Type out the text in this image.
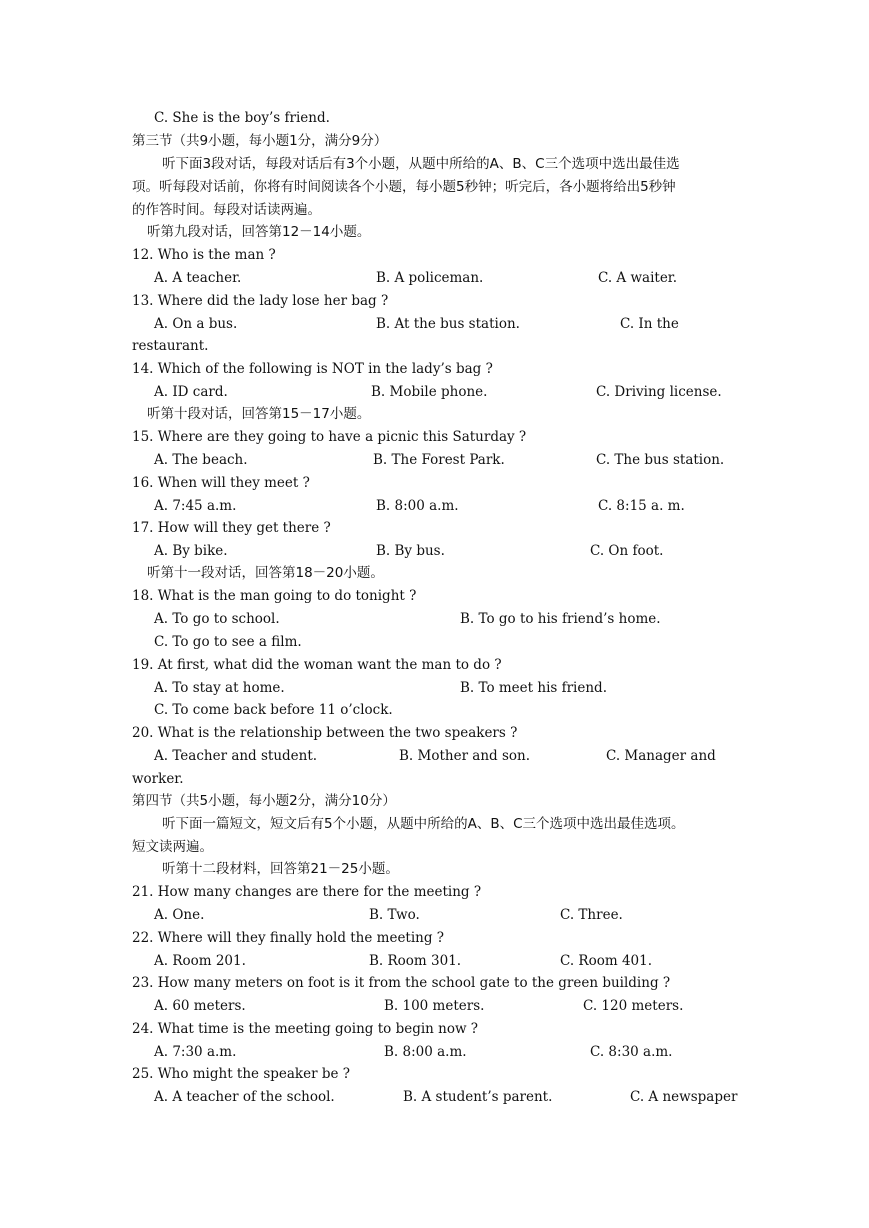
C. She is the boy’s friend.
第三节（共9小题，每小题1分，满分9分）
听下面3段对话，每段对话后有3个小题，从题中所给的A、B、C三个选项中选出最佳选
项。听每段对话前，你将有时间阅读各个小题，每小题5秒钟；听完后，各小题将给出5秒钟
的作答时间。每段对话读两遍。
听第九段对话，回答第12－14小题。
12. Who is the man ?
A. A teacher.	B. A policeman.	C. A waiter.
13. Where did the lady lose her bag ?
A. On a bus.	B. At the bus station.	C. In the
restaurant.
14. Which of the following is NOT in the lady’s bag ?
A. ID card.	B. Mobile phone.	C. Driving license.
听第十段对话，回答第15－17小题。
15. Where are they going to have a picnic this Saturday ?
A. The beach.	B. The Forest Park.	C. The bus station.
16. When will they meet ?
A. 7:45 a.m.	B. 8:00 a.m.	C. 8:15 a. m.
17. How will they get there ?
A. By bike.	B. By bus.	C. On foot.
听第十一段对话，回答第18－20小题。
18. What is the man going to do tonight ?
A. To go to school.	B. To go to his friend’s home.
C. To go to see a film.
19. At first, what did the woman want the man to do ?
A. To stay at home.	B. To meet his friend.
C. To come back before 11 o’clock.
20. What is the relationship between the two speakers ?
A. Teacher and student.	B. Mother and son.	C. Manager and
worker.
第四节（共5小题，每小题2分，满分10分）
听下面一篇短文，短文后有5个小题，从题中所给的A、B、C三个选项中选出最佳选项。
短文读两遍。
听第十二段材料，回答第21－25小题。
21. How many changes are there for the meeting ?
A. One.	B. Two.	C. Three.
22. Where will they finally hold the meeting ?
A. Room 201.	B. Room 301.	C. Room 401.
23. How many meters on foot is it from the school gate to the green building ?
A. 60 meters.	B. 100 meters.	C. 120 meters.
24. What time is the meeting going to begin now ?
A. 7:30 a.m.	B. 8:00 a.m.	C. 8:30 a.m.
25. Who might the speaker be ?
A. A teacher of the school.	B. A student’s parent.	C. A newspaper
